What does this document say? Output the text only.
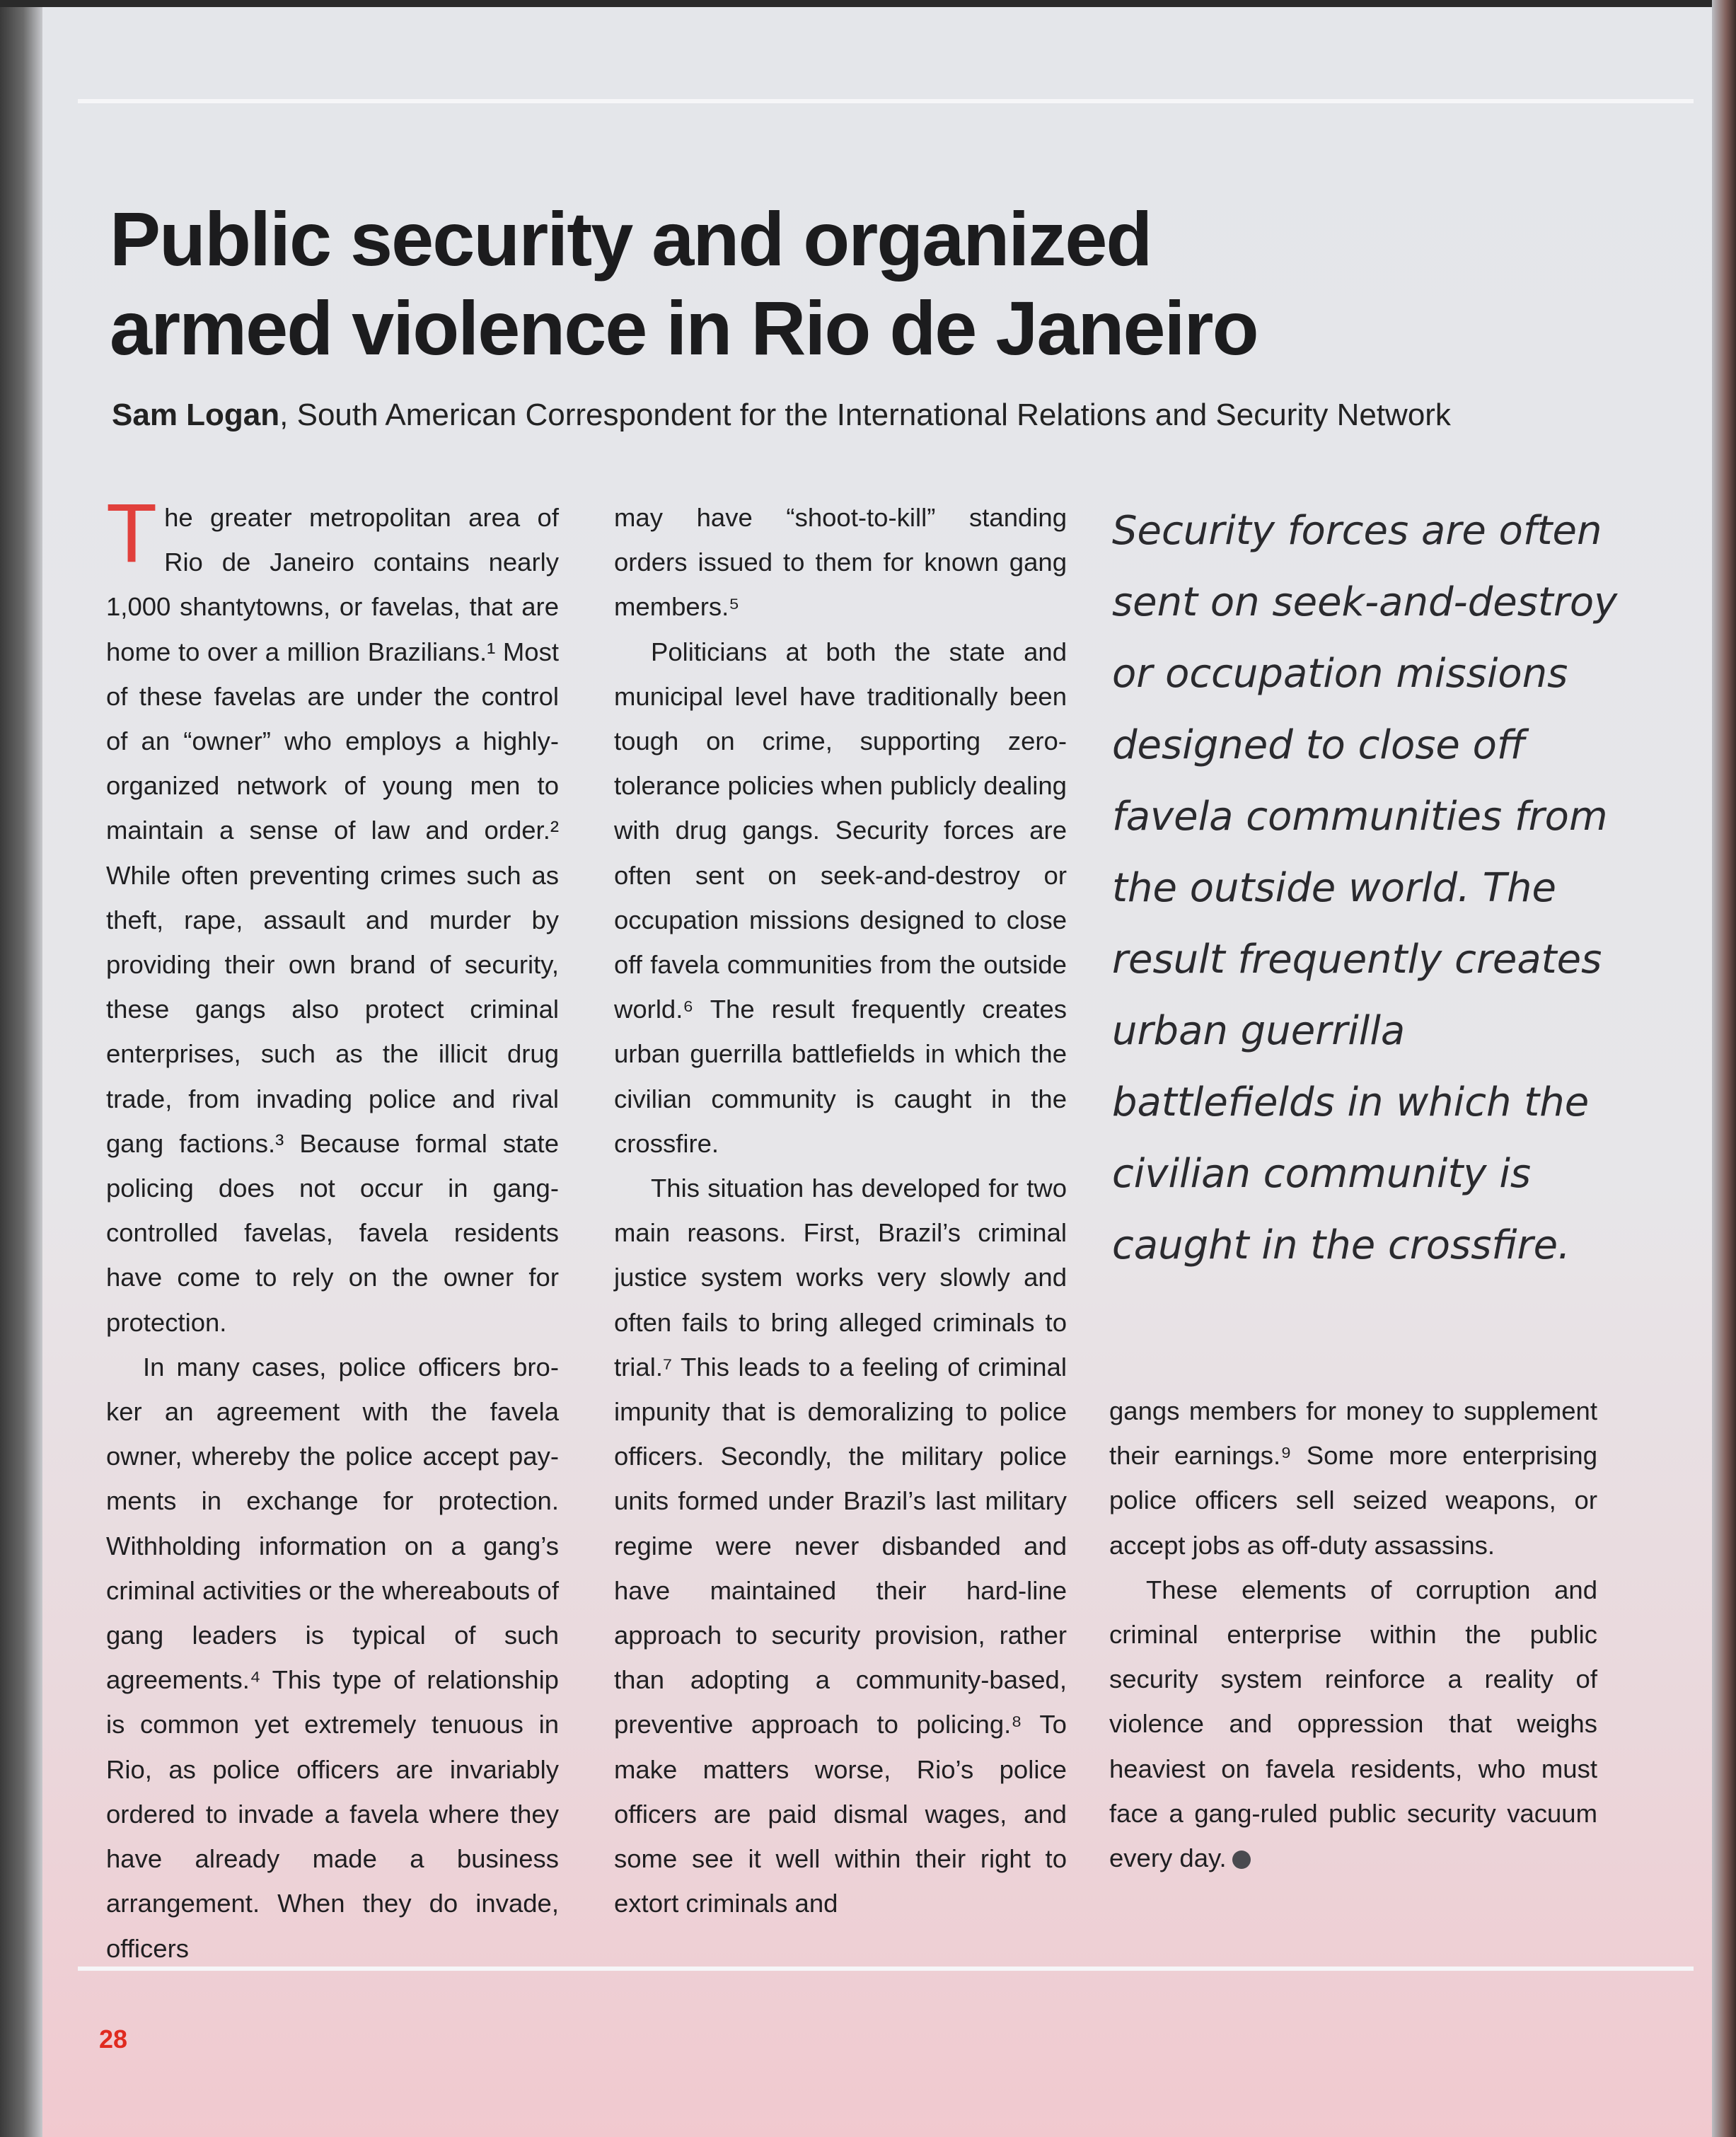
Public security and organized armed violence in Rio de Janeiro
Sam Logan, South American Correspondent for the International Relations and Security Network

The greater metropolitan area of Rio de Janeiro contains nearly 1,000 shantytowns, or favelas, that are home to over a million Brazilians.¹ Most of these favelas are under the control of an “owner” who employs a highly-organized network of young men to maintain a sense of law and order.² While often preventing crimes such as theft, rape, assault and murder by providing their own brand of security, these gangs also protect criminal enterprises, such as the illicit drug trade, from invading police and rival gang factions.³ Because formal state policing does not occur in gang-controlled favelas, favela residents have come to rely on the owner for protection.

In many cases, police officers broker an agreement with the favela owner, whereby the police accept payments in exchange for protection. Withholding information on a gang’s criminal activities or the whereabouts of gang leaders is typical of such agreements.⁴ This type of relationship is common yet extremely tenuous in Rio, as police officers are invariably ordered to invade a favela where they have already made a business arrangement. When they do invade, officers

may have “shoot-to-kill” standing orders issued to them for known gang members.⁵

Politicians at both the state and municipal level have traditionally been tough on crime, supporting zero-tolerance policies when publicly dealing with drug gangs. Security forces are often sent on seek-and-destroy or occupation missions designed to close off favela communities from the outside world.⁶ The result frequently creates urban guerrilla battlefields in which the civilian community is caught in the crossfire.

This situation has developed for two main reasons. First, Brazil’s criminal justice system works very slowly and often fails to bring alleged criminals to trial.⁷ This leads to a feeling of criminal impunity that is demoralizing to police officers. Secondly, the military police units formed under Brazil’s last military regime were never disbanded and have maintained their hard-line approach to security provision, rather than adopting a community-based, preventive approach to policing.⁸ To make matters worse, Rio’s police officers are paid dismal wages, and some see it well within their right to extort criminals and

Security forces are often sent on seek-and-destroy or occupation missions designed to close off favela communities from the outside world. The result frequently creates urban guerrilla battlefields in which the civilian community is caught in the crossfire.

gangs members for money to supplement their earnings.⁹ Some more enterprising police officers sell seized weapons, or accept jobs as off-duty assassins.

These elements of corruption and criminal enterprise within the public security system reinforce a reality of violence and oppression that weighs heaviest on favela residents, who must face a gang-ruled public security vacuum every day.

28
